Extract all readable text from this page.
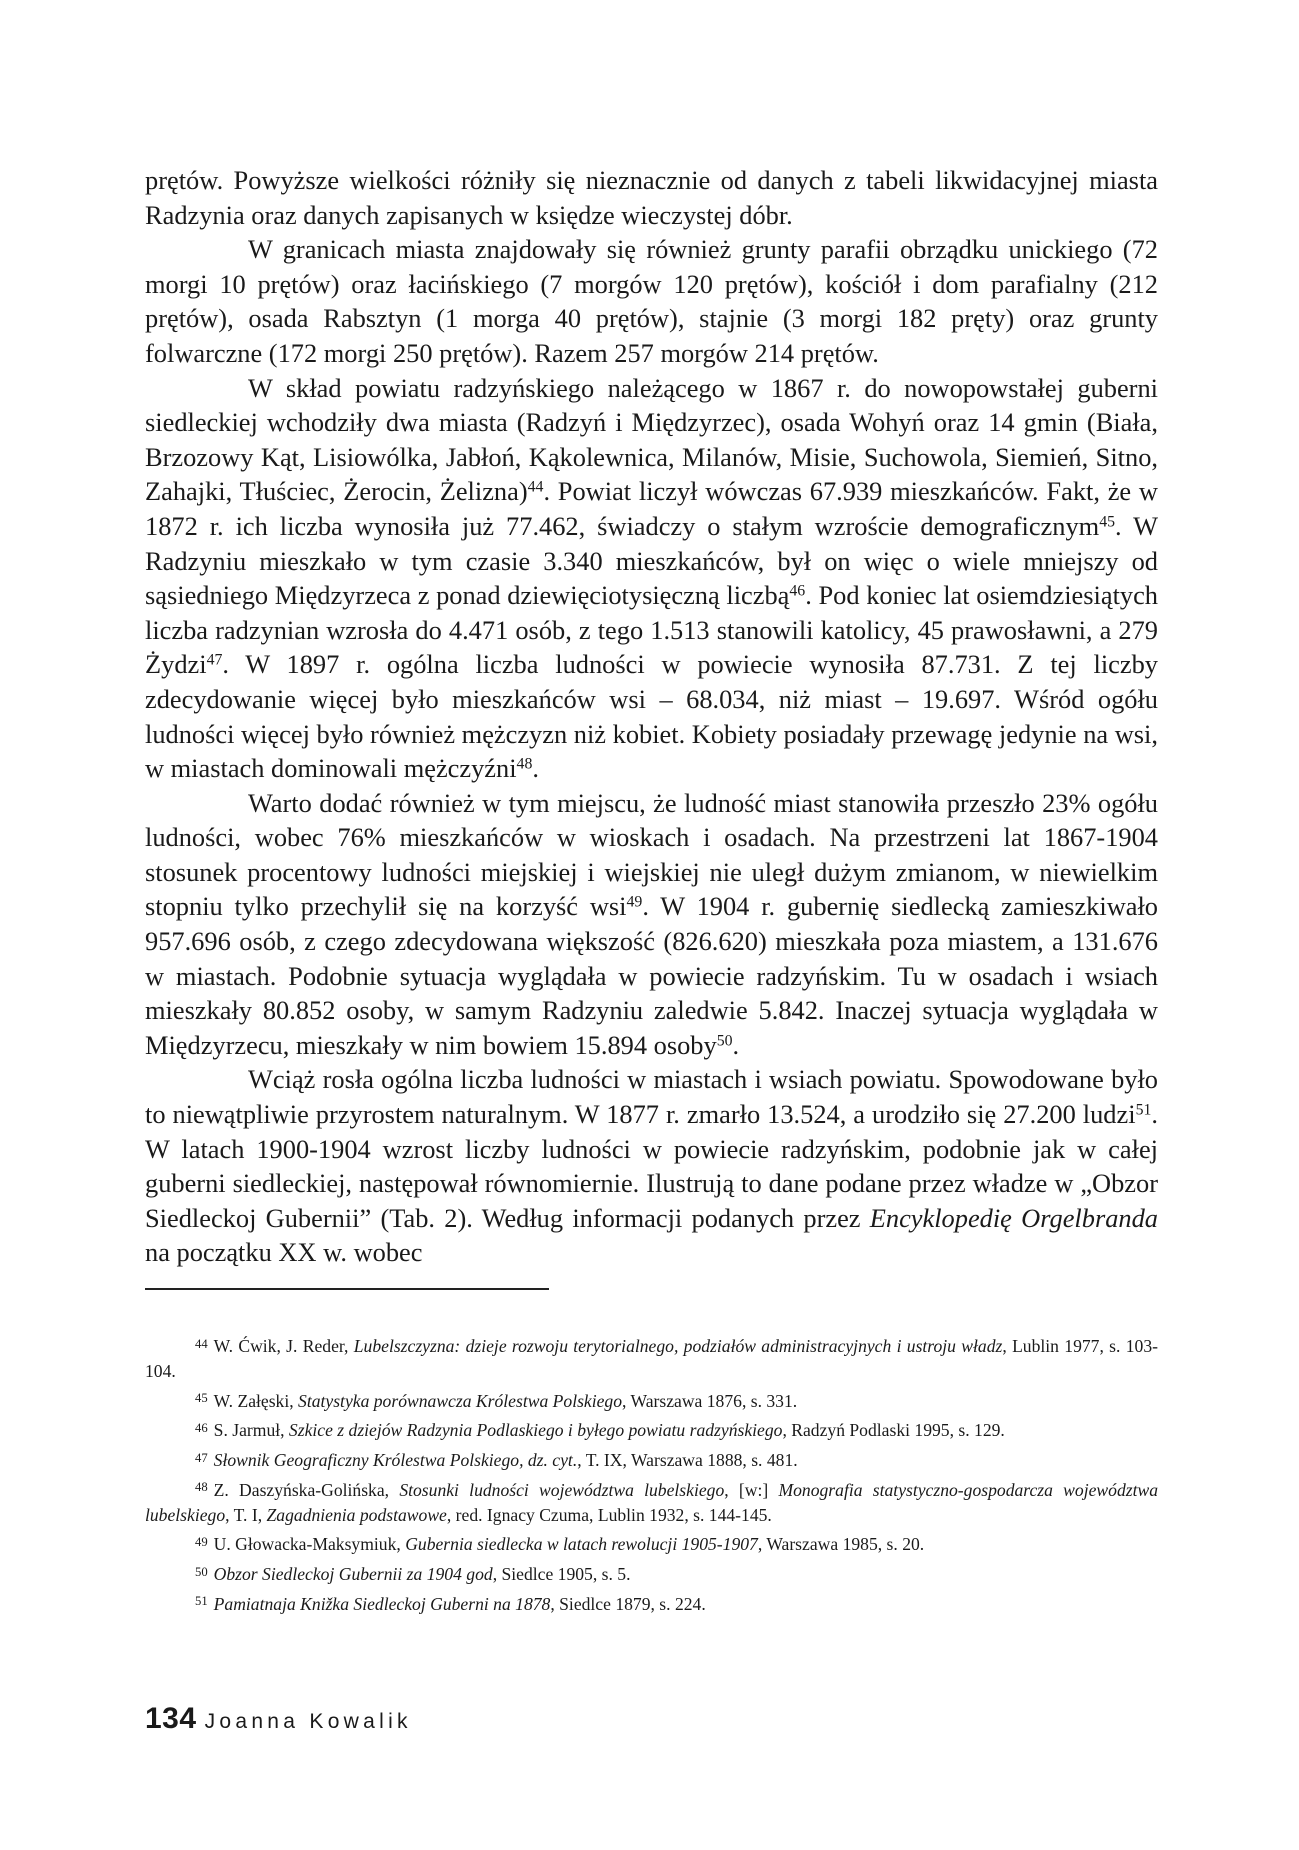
prętów. Powyższe wielkości różniły się nieznacznie od danych z tabeli likwidacyjnej miasta Radzynia oraz danych zapisanych w księdze wieczystej dóbr.

W granicach miasta znajdowały się również grunty parafii obrządku unickiego (72 morgi 10 prętów) oraz łacińskiego (7 morgów 120 prętów), kościół i dom parafialny (212 prętów), osada Rabsztyn (1 morga 40 prętów), stajnie (3 morgi 182 pręty) oraz grunty folwarczne (172 morgi 250 prętów). Razem 257 morgów 214 prętów.

W skład powiatu radzyńskiego należącego w 1867 r. do nowopowstałej guberni siedleckiej wchodziły dwa miasta (Radzyń i Międzyrzec), osada Wohyń oraz 14 gmin (Biała, Brzozowy Kąt, Lisiowólka, Jabłoń, Kąkolewnica, Milanów, Misie, Suchowola, Siemień, Sitno, Zahajki, Tłuściec, Żerocin, Żelizna)$^{44}$. Powiat liczył wówczas 67.939 mieszkańców. Fakt, że w 1872 r. ich liczba wynosiła już 77.462, świadczy o stałym wzroście demograficznym$^{45}$. W Radzyniu mieszkało w tym czasie 3.340 mieszkańców, był on więc o wiele mniejszy od sąsiedniego Międzyrzeca z ponad dziewięciotysięczną liczbą$^{46}$. Pod koniec lat osiemdziesiątych liczba radzynian wzrosła do 4.471 osób, z tego 1.513 stanowili katolicy, 45 prawosławni, a 279 Żydzi$^{47}$. W 1897 r. ogólna liczba ludności w powiecie wynosiła 87.731. Z tej liczby zdecydowanie więcej było mieszkańców wsi – 68.034, niż miast – 19.697. Wśród ogółu ludności więcej było również mężczyzn niż kobiet. Kobiety posiadały przewagę jedynie na wsi, w miastach dominowali mężczyźni$^{48}$.

Warto dodać również w tym miejscu, że ludność miast stanowiła przeszło 23% ogółu ludności, wobec 76% mieszkańców w wioskach i osadach. Na przestrzeni lat 1867-1904 stosunek procentowy ludności miejskiej i wiejskiej nie uległ dużym zmianom, w niewielkim stopniu tylko przechylił się na korzyść wsi$^{49}$. W 1904 r. gubernię siedlecką zamieszkiwało 957.696 osób, z czego zdecydowana większość (826.620) mieszkała poza miastem, a 131.676 w miastach. Podobnie sytuacja wyglądała w powiecie radzyńskim. Tu w osadach i wsiach mieszkały 80.852 osoby, w samym Radzyniu zaledwie 5.842. Inaczej sytuacja wyglądała w Międzyrzecu, mieszkały w nim bowiem 15.894 osoby$^{50}$.

Wciąż rosła ogólna liczba ludności w miastach i wsiach powiatu. Spowodowane było to niewątpliwie przyrostem naturalnym. W 1877 r. zmarło 13.524, a urodziło się 27.200 ludzi$^{51}$. W latach 1900-1904 wzrost liczby ludności w powiecie radzyńskim, podobnie jak w całej guberni siedleckiej, następował równomiernie. Ilustrują to dane podane przez władze w „Obzor Siedleckoj Gubernii” (Tab. 2). Według informacji podanych przez Encyklopedię Orgelbranda na początku XX w. wobec

$^{44}$ W. Ćwik, J. Reder, Lubelszczyzna: dzieje rozwoju terytorialnego, podziałów administracyjnych i ustroju władz, Lublin 1977, s. 103-104.

$^{45}$ W. Załęski, Statystyka porównawcza Królestwa Polskiego, Warszawa 1876, s. 331.

$^{46}$ S. Jarmuł, Szkice z dziejów Radzynia Podlaskiego i byłego powiatu radzyńskiego, Radzyń Podlaski 1995, s. 129.

$^{47}$ Słownik Geograficzny Królestwa Polskiego, dz. cyt., T. IX, Warszawa 1888, s. 481.

$^{48}$ Z. Daszyńska-Golińska, Stosunki ludności województwa lubelskiego, [w:] Monografia statystyczno-gospodarcza województwa lubelskiego, T. I, Zagadnienia podstawowe, red. Ignacy Czuma, Lublin 1932, s. 144-145.

$^{49}$ U. Głowacka-Maksymiuk, Gubernia siedlecka w latach rewolucji 1905-1907, Warszawa 1985, s. 20.

$^{50}$ Obzor Siedleckoj Gubernii za 1904 god, Siedlce 1905, s. 5.

$^{51}$ Pamiatnaja Knižka Siedleckoj Guberni na 1878, Siedlce 1879, s. 224.

134 Joanna Kowalik
